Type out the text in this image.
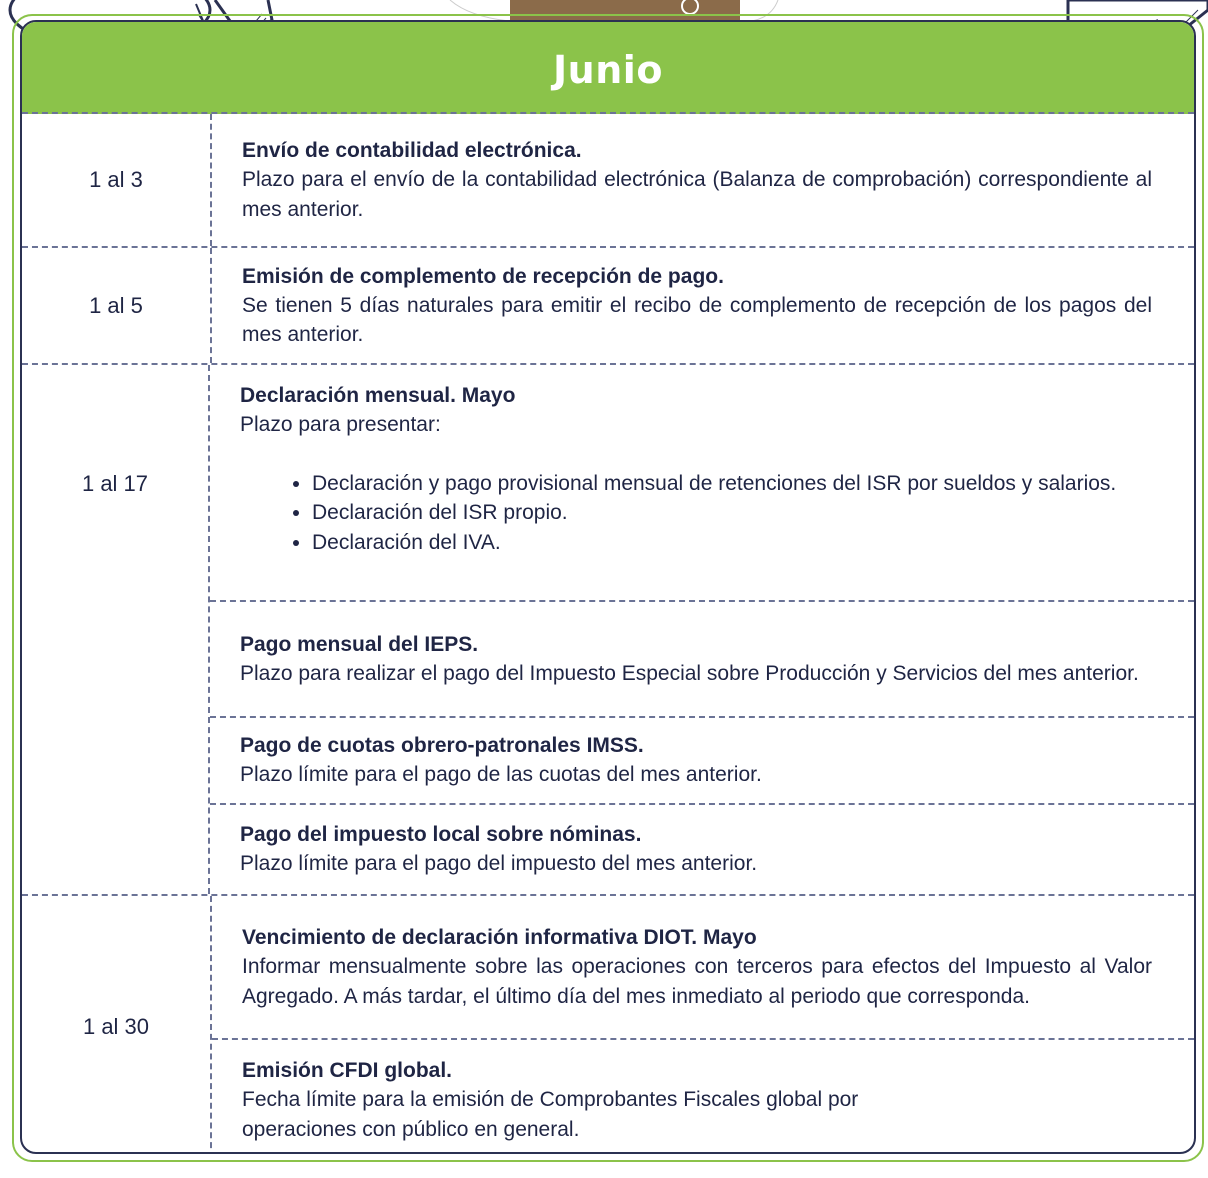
Junio
1 al 3
Envío de contabilidad electrónica.
Plazo para el envío de la contabilidad electrónica (Balanza de comprobación) correspondiente al mes anterior.
1 al 5
Emisión de complemento de recepción de pago.
Se tienen 5 días naturales para emitir el recibo de complemento de recepción de los pagos del mes anterior.
1 al 17
Declaración mensual. Mayo
Plazo para presentar:
• Declaración y pago provisional mensual de retenciones del ISR por sueldos y salarios.
• Declaración del ISR propio.
• Declaración del IVA.
Pago mensual del IEPS.
Plazo para realizar el pago del Impuesto Especial sobre Producción y Servicios del mes anterior.
Pago de cuotas obrero-patronales IMSS.
Plazo límite para el pago de las cuotas del mes anterior.
Pago del impuesto local sobre nóminas.
Plazo límite para el pago del impuesto del mes anterior.
1 al 30
Vencimiento de declaración informativa DIOT. Mayo
Informar mensualmente sobre las operaciones con terceros para efectos del Impuesto al Valor Agregado. A más tardar, el último día del mes inmediato al periodo que corresponda.
Emisión CFDI global.
Fecha límite para la emisión de Comprobantes Fiscales global por operaciones con público en general.
